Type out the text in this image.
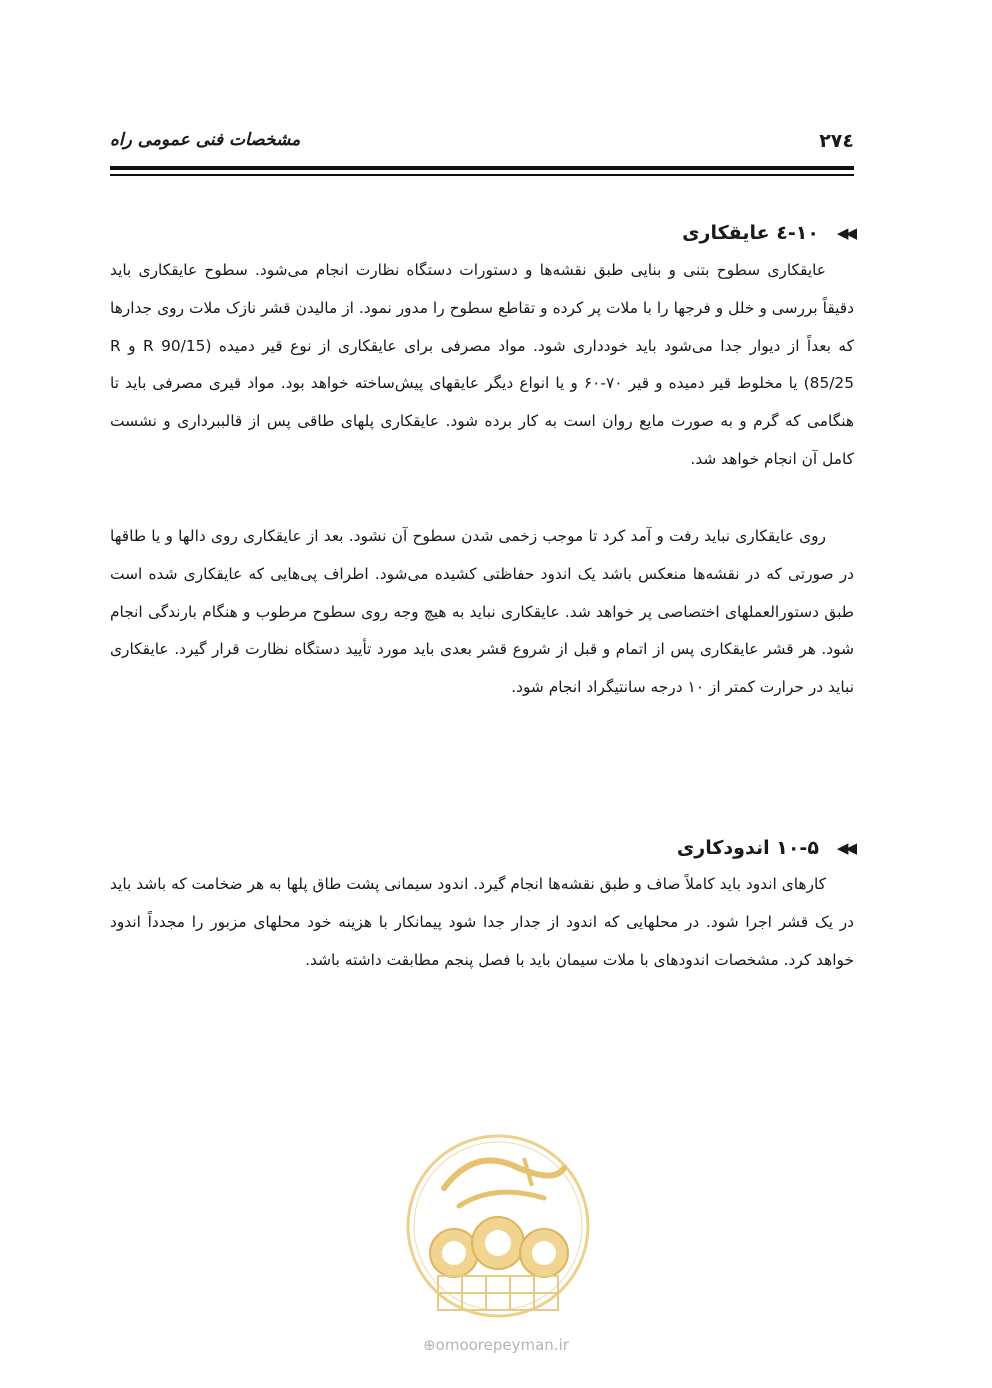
۲۷٤
مشخصات فنی عمومی راه
◀◀
۱۰-٤ عایقکاری

عایقکاری سطوح بتنی و بنایی طبق نقشه‌ها و دستورات دستگاه نظارت انجام می‌شود. سطوح عایقکاری باید دقیقاً بررسی و خلل و فرجها را با ملات پر کرده و تقاطع سطوح را مدور نمود. از مالیدن قشر نازک ملات روی جدارها که بعداً از دیوار جدا می‌شود باید خودداری شود. مواد مصرفی برای عایقکاری از نوع قیر دمیده (R 90/15 و R 85/25) یا مخلوط قیر دمیده و قیر ۷۰-۶۰ و یا انواع دیگر عایقهای پیش‌ساخته خواهد بود. مواد قیری مصرفی باید تا هنگامی که گرم و به صورت مایع روان است به کار برده شود. عایقکاری پلهای طاقی پس از قالببرداری و نشست کامل آن انجام خواهد شد.

روی عایقکاری نباید رفت و آمد کرد تا موجب زخمی شدن سطوح آن نشود. بعد از عایقکاری روی دالها و یا طاقها در صورتی که در نقشه‌ها منعکس باشد یک اندود حفاظتی کشیده می‌شود. اطراف پی‌هایی که عایقکاری شده است طبق دستورالعملهای اختصاصی پر خواهد شد. عایقکاری نباید به هیچ وجه روی سطوح مرطوب و هنگام بارندگی انجام شود. هر قشر عایقکاری پس از اتمام و قبل از شروع قشر بعدی باید مورد تأیید دستگاه نظارت قرار گیرد. عایقکاری نباید در حرارت کمتر از ۱۰ درجه سانتیگراد انجام شود.

◀◀
۱۰-۵ اندودکاری

کارهای اندود باید کاملاً صاف و طبق نقشه‌ها انجام گیرد. اندود سیمانی پشت طاق پلها به هر ضخامت که باشد باید در یک قشر اجرا شود. در محلهایی که اندود از جدار جدا شود پیمانکار با هزینه خود محلهای مزبور را مجدداً اندود خواهد کرد. مشخصات اندودهای با ملات سیمان باید با فصل پنجم مطابقت داشته باشد.

⊕omoorepeyman.ir
